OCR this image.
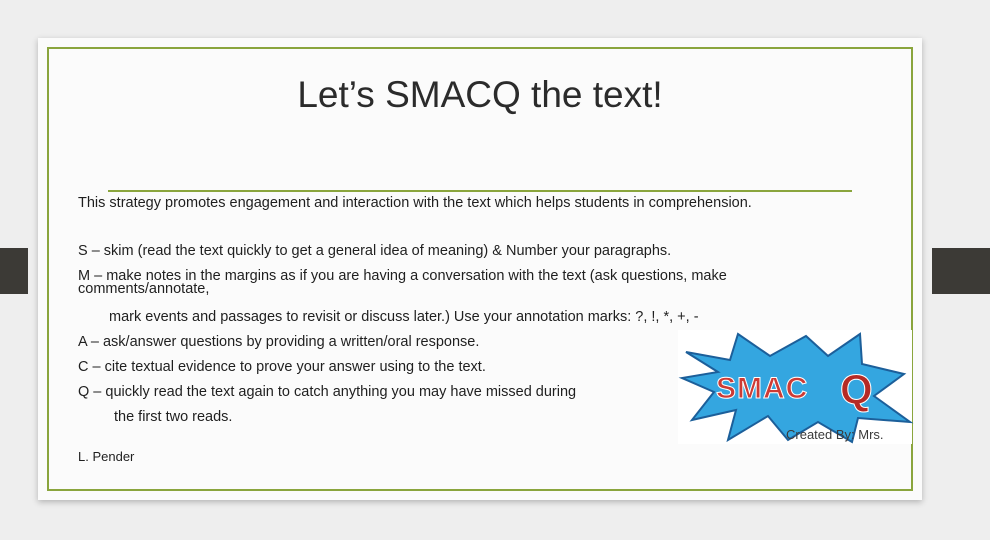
Let’s SMACQ the text!
This strategy promotes engagement and interaction with the text which helps students in comprehension.
S – skim (read the text quickly to get a general idea of meaning) & Number your paragraphs.
M – make notes in the margins as if you are having a conversation with the text (ask questions, make comments/annotate,
mark events and passages to revisit or discuss later.) Use your annotation marks: ?, !, *, +, -
A – ask/answer questions by providing a written/oral response.
C – cite textual evidence to prove your answer using to the text.
Q – quickly read the text again to catch anything you may have missed during
the first two reads.
L. Pender
SMAC Q
Created By: Mrs.
